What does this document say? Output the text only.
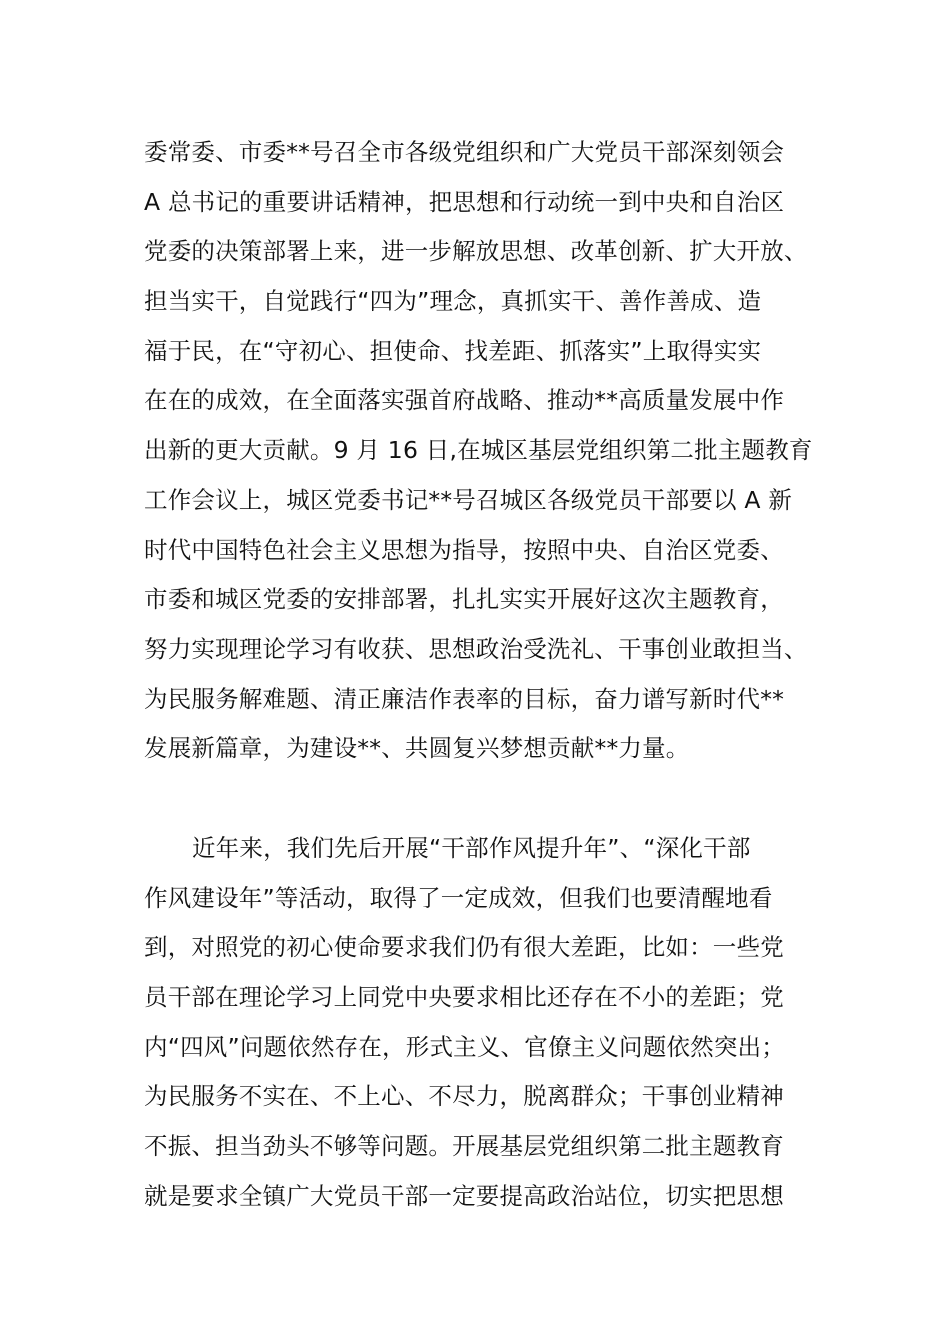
委常委、市委**号召全市各级党组织和广大党员干部深刻领会
A 总书记的重要讲话精神，把思想和行动统一到中央和自治区
党委的决策部署上来，进一步解放思想、改革创新、扩大开放、
担当实干，自觉践行“四为”理念，真抓实干、善作善成、造
福于民，在“守初心、担使命、找差距、抓落实”上取得实实
在在的成效，在全面落实强首府战略、推动**高质量发展中作
出新的更大贡献。9 月 16 日,在城区基层党组织第二批主题教育
工作会议上，城区党委书记**号召城区各级党员干部要以 A 新
时代中国特色社会主义思想为指导，按照中央、自治区党委、
市委和城区党委的安排部署，扎扎实实开展好这次主题教育，
努力实现理论学习有收获、思想政治受洗礼、干事创业敢担当、
为民服务解难题、清正廉洁作表率的目标，奋力谱写新时代**
发展新篇章，为建设**、共圆复兴梦想贡献**力量。
近年来，我们先后开展“干部作风提升年”、“深化干部
作风建设年”等活动，取得了一定成效，但我们也要清醒地看
到，对照党的初心使命要求我们仍有很大差距，比如：一些党
员干部在理论学习上同党中央要求相比还存在不小的差距；党
内“四风”问题依然存在，形式主义、官僚主义问题依然突出；
为民服务不实在、不上心、不尽力，脱离群众；干事创业精神
不振、担当劲头不够等问题。开展基层党组织第二批主题教育
就是要求全镇广大党员干部一定要提高政治站位，切实把思想
